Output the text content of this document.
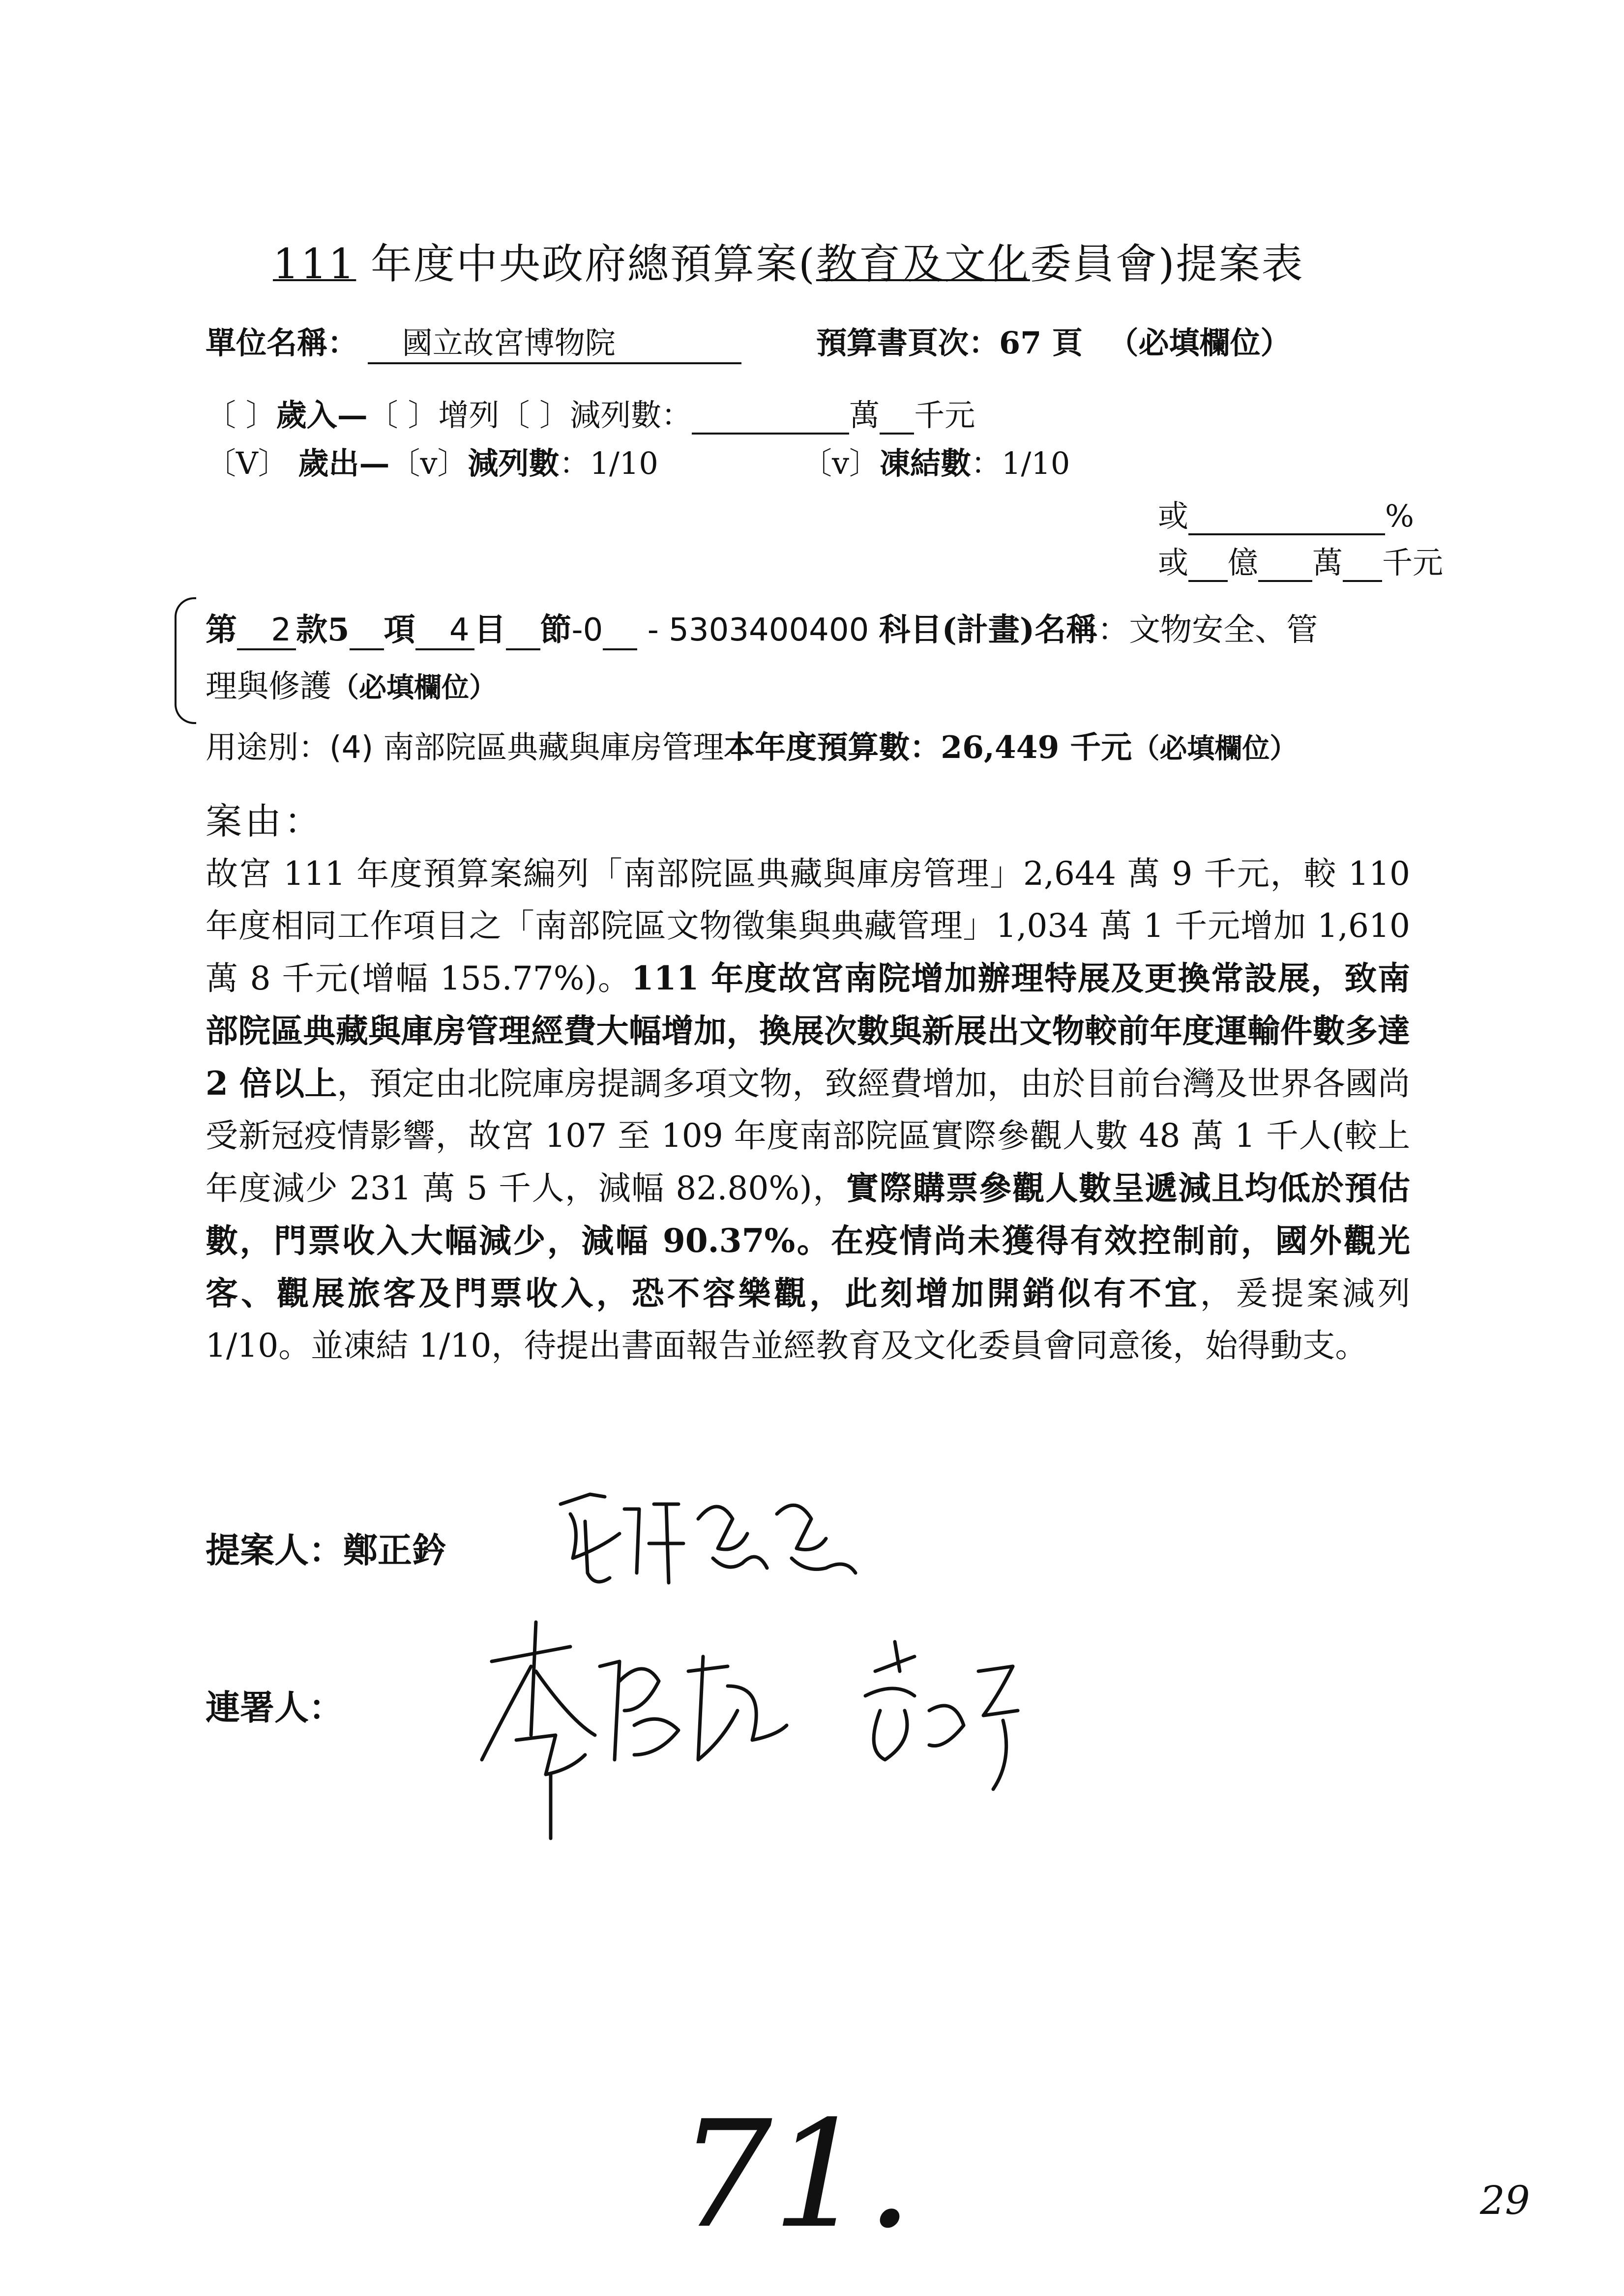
111 年度中央政府總預算案(教育及文化委員會)提案表
單位名稱： 國立故宮博物院	預算書頁次：67 頁 （必填欄位）
〔 〕歲入—〔 〕增列〔 〕減列數：	萬 千元
〔V〕 歲出—〔v〕減列數：1/10	〔v〕凍結數：1/10
或	%
或 億 萬 千元
第 2 款5 項 4 目 節-0 - 5303400400 科目(計畫)名稱：文物安全、管
理與修護（必填欄位）
用途別：(4) 南部院區典藏與庫房管理本年度預算數：26,449 千元（必填欄位）
案由：
故宮 111 年度預算案編列「南部院區典藏與庫房管理」2,644 萬 9 千元，較 110 年度相同工作項目之「南部院區文物徵集與典藏管理」1,034 萬 1 千元增加 1,610 萬 8 千元(增幅 155.77%)。111 年度故宮南院增加辦理特展及更換常設展，致南部院區典藏與庫房管理經費大幅增加，換展次數與新展出文物較前年度運輸件數多達 2 倍以上，預定由北院庫房提調多項文物，致經費增加，由於目前台灣及世界各國尚受新冠疫情影響，故宮 107 至 109 年度南部院區實際參觀人數 48 萬 1 千人(較上年度減少 231 萬 5 千人，減幅 82.80%)，實際購票參觀人數呈遞減且均低於預估數，門票收入大幅減少，減幅 90.37%。在疫情尚未獲得有效控制前，國外觀光客、觀展旅客及門票收入，恐不容樂觀，此刻增加開銷似有不宜，爰提案減列 1/10。並凍結 1/10，待提出書面報告並經教育及文化委員會同意後，始得動支。
提案人：鄭正鈐
連署人：
71.	29
